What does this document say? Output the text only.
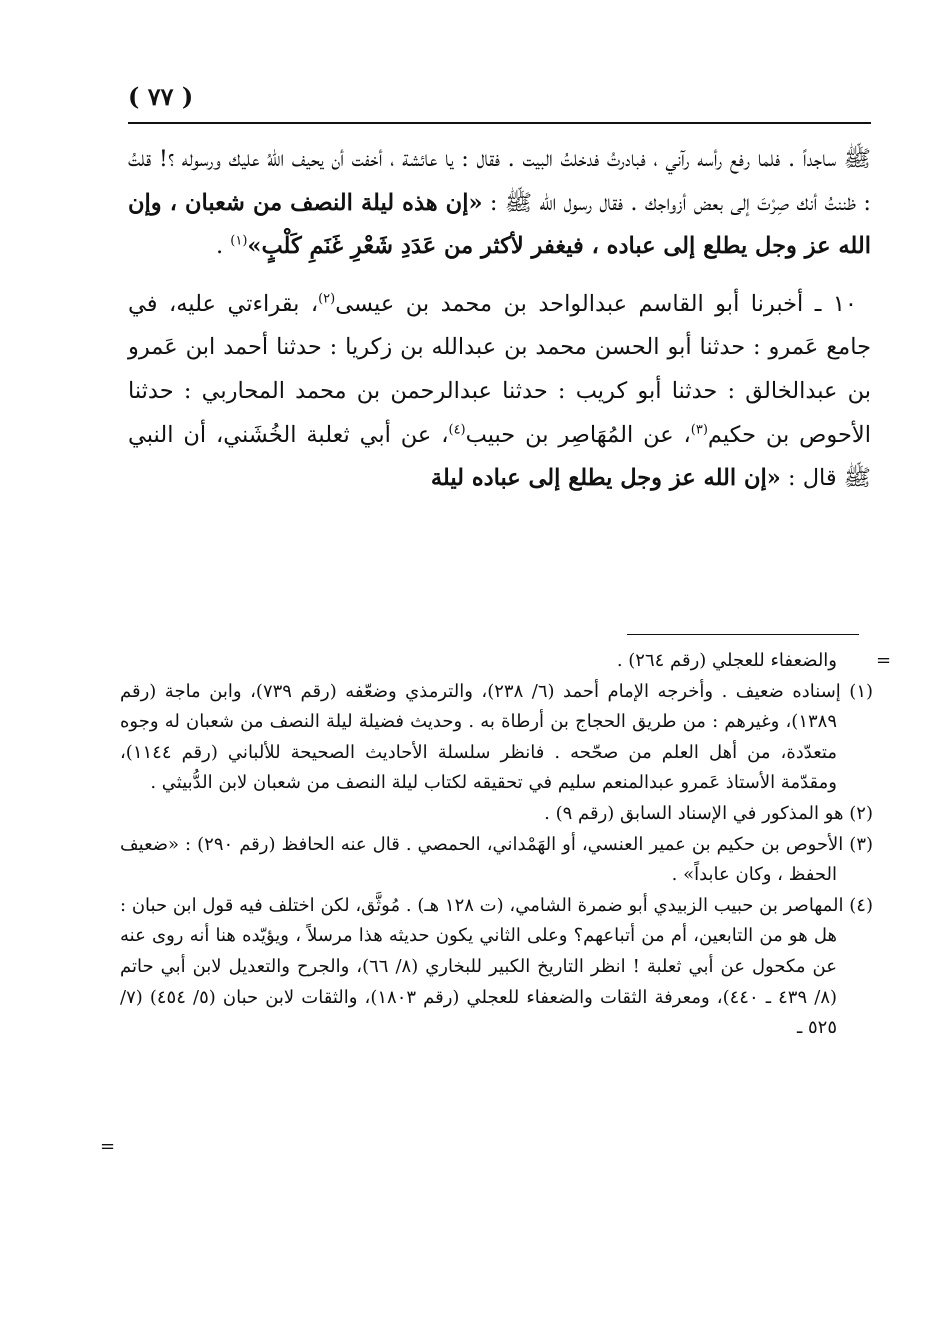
( ٧٧ )

ﷺ ساجداً . فلما رفع رأسه رآني ، فبادرتُ فدخلتُ البيت . فقال : يا عائشة ، أخفت أن يحيف اللهُ عليك ورسوله ؟! قلتُ : ظننتُ أنك صِرْتَ إلى بعض أزواجك . فقال رسول الله ﷺ : «إن هذه ليلة النصف من شعبان ، وإن الله عز وجل يطلع إلى عباده ، فيغفر لأكثر من عَدَدِ شَعْرِ غَنَمِ كَلْبٍ»$^{(١)}$ .

١٠ ـ أخبرنا أبو القاسم عبدالواحد بن محمد بن عيسى$^{(٢)}$، بقراءتي عليه، في جامع عَمرو : حدثنا أبو الحسن محمد بن عبدالله بن زكريا : حدثنا أحمد ابن عَمرو بن عبدالخالق : حدثنا أبو كريب : حدثنا عبدالرحمن بن محمد المحاربي : حدثنا الأحوص بن حكيم$^{(٣)}$، عن المُهَاصِر بن حبيب$^{(٤)}$، عن أبي ثعلبة الخُشَني، أن النبي ﷺ قال : «إن الله عز وجل يطلع إلى عباده ليلة

=

والضعفاء للعجلي (رقم ٢٦٤) .

(١) إسناده ضعيف . وأخرجه الإمام أحمد (٦/ ٢٣٨)، والترمذي وضعّفه (رقم ٧٣٩)، وابن ماجة (رقم ١٣٨٩)، وغيرهم : من طريق الحجاج بن أرطاة به . وحديث فضيلة ليلة النصف من شعبان له وجوه متعدّدة، من أهل العلم من صحّحه . فانظر سلسلة الأحاديث الصحيحة للألباني (رقم ١١٤٤)، ومقدّمة الأستاذ عَمرو عبدالمنعم سليم في تحقيقه لكتاب ليلة النصف من شعبان لابن الدُّبيثي .

(٢) هو المذكور في الإسناد السابق (رقم ٩) .

(٣) الأحوص بن حكيم بن عمير العنسي، أو الهَمْداني، الحمصي . قال عنه الحافظ (رقم ٢٩٠) : «ضعيف الحفظ ، وكان عابداً» .

(٤) المهاصر بن حبيب الزبيدي أبو ضمرة الشامي، (ت ١٢٨ هـ) . مُوثَّق، لكن اختلف فيه قول ابن حبان : هل هو من التابعين، أم من أتباعهم؟ وعلى الثاني يكون حديثه هذا مرسلاً ، ويؤيّده هنا أنه روى عنه عن مكحول عن أبي ثعلبة ! انظر التاريخ الكبير للبخاري (٨/ ٦٦)، والجرح والتعديل لابن أبي حاتم (٨/ ٤٣٩ ـ ٤٤٠)، ومعرفة الثقات والضعفاء للعجلي (رقم ١٨٠٣)، والثقات لابن حبان (٥/ ٤٥٤) (٧/ ٥٢٥ ـ

=
